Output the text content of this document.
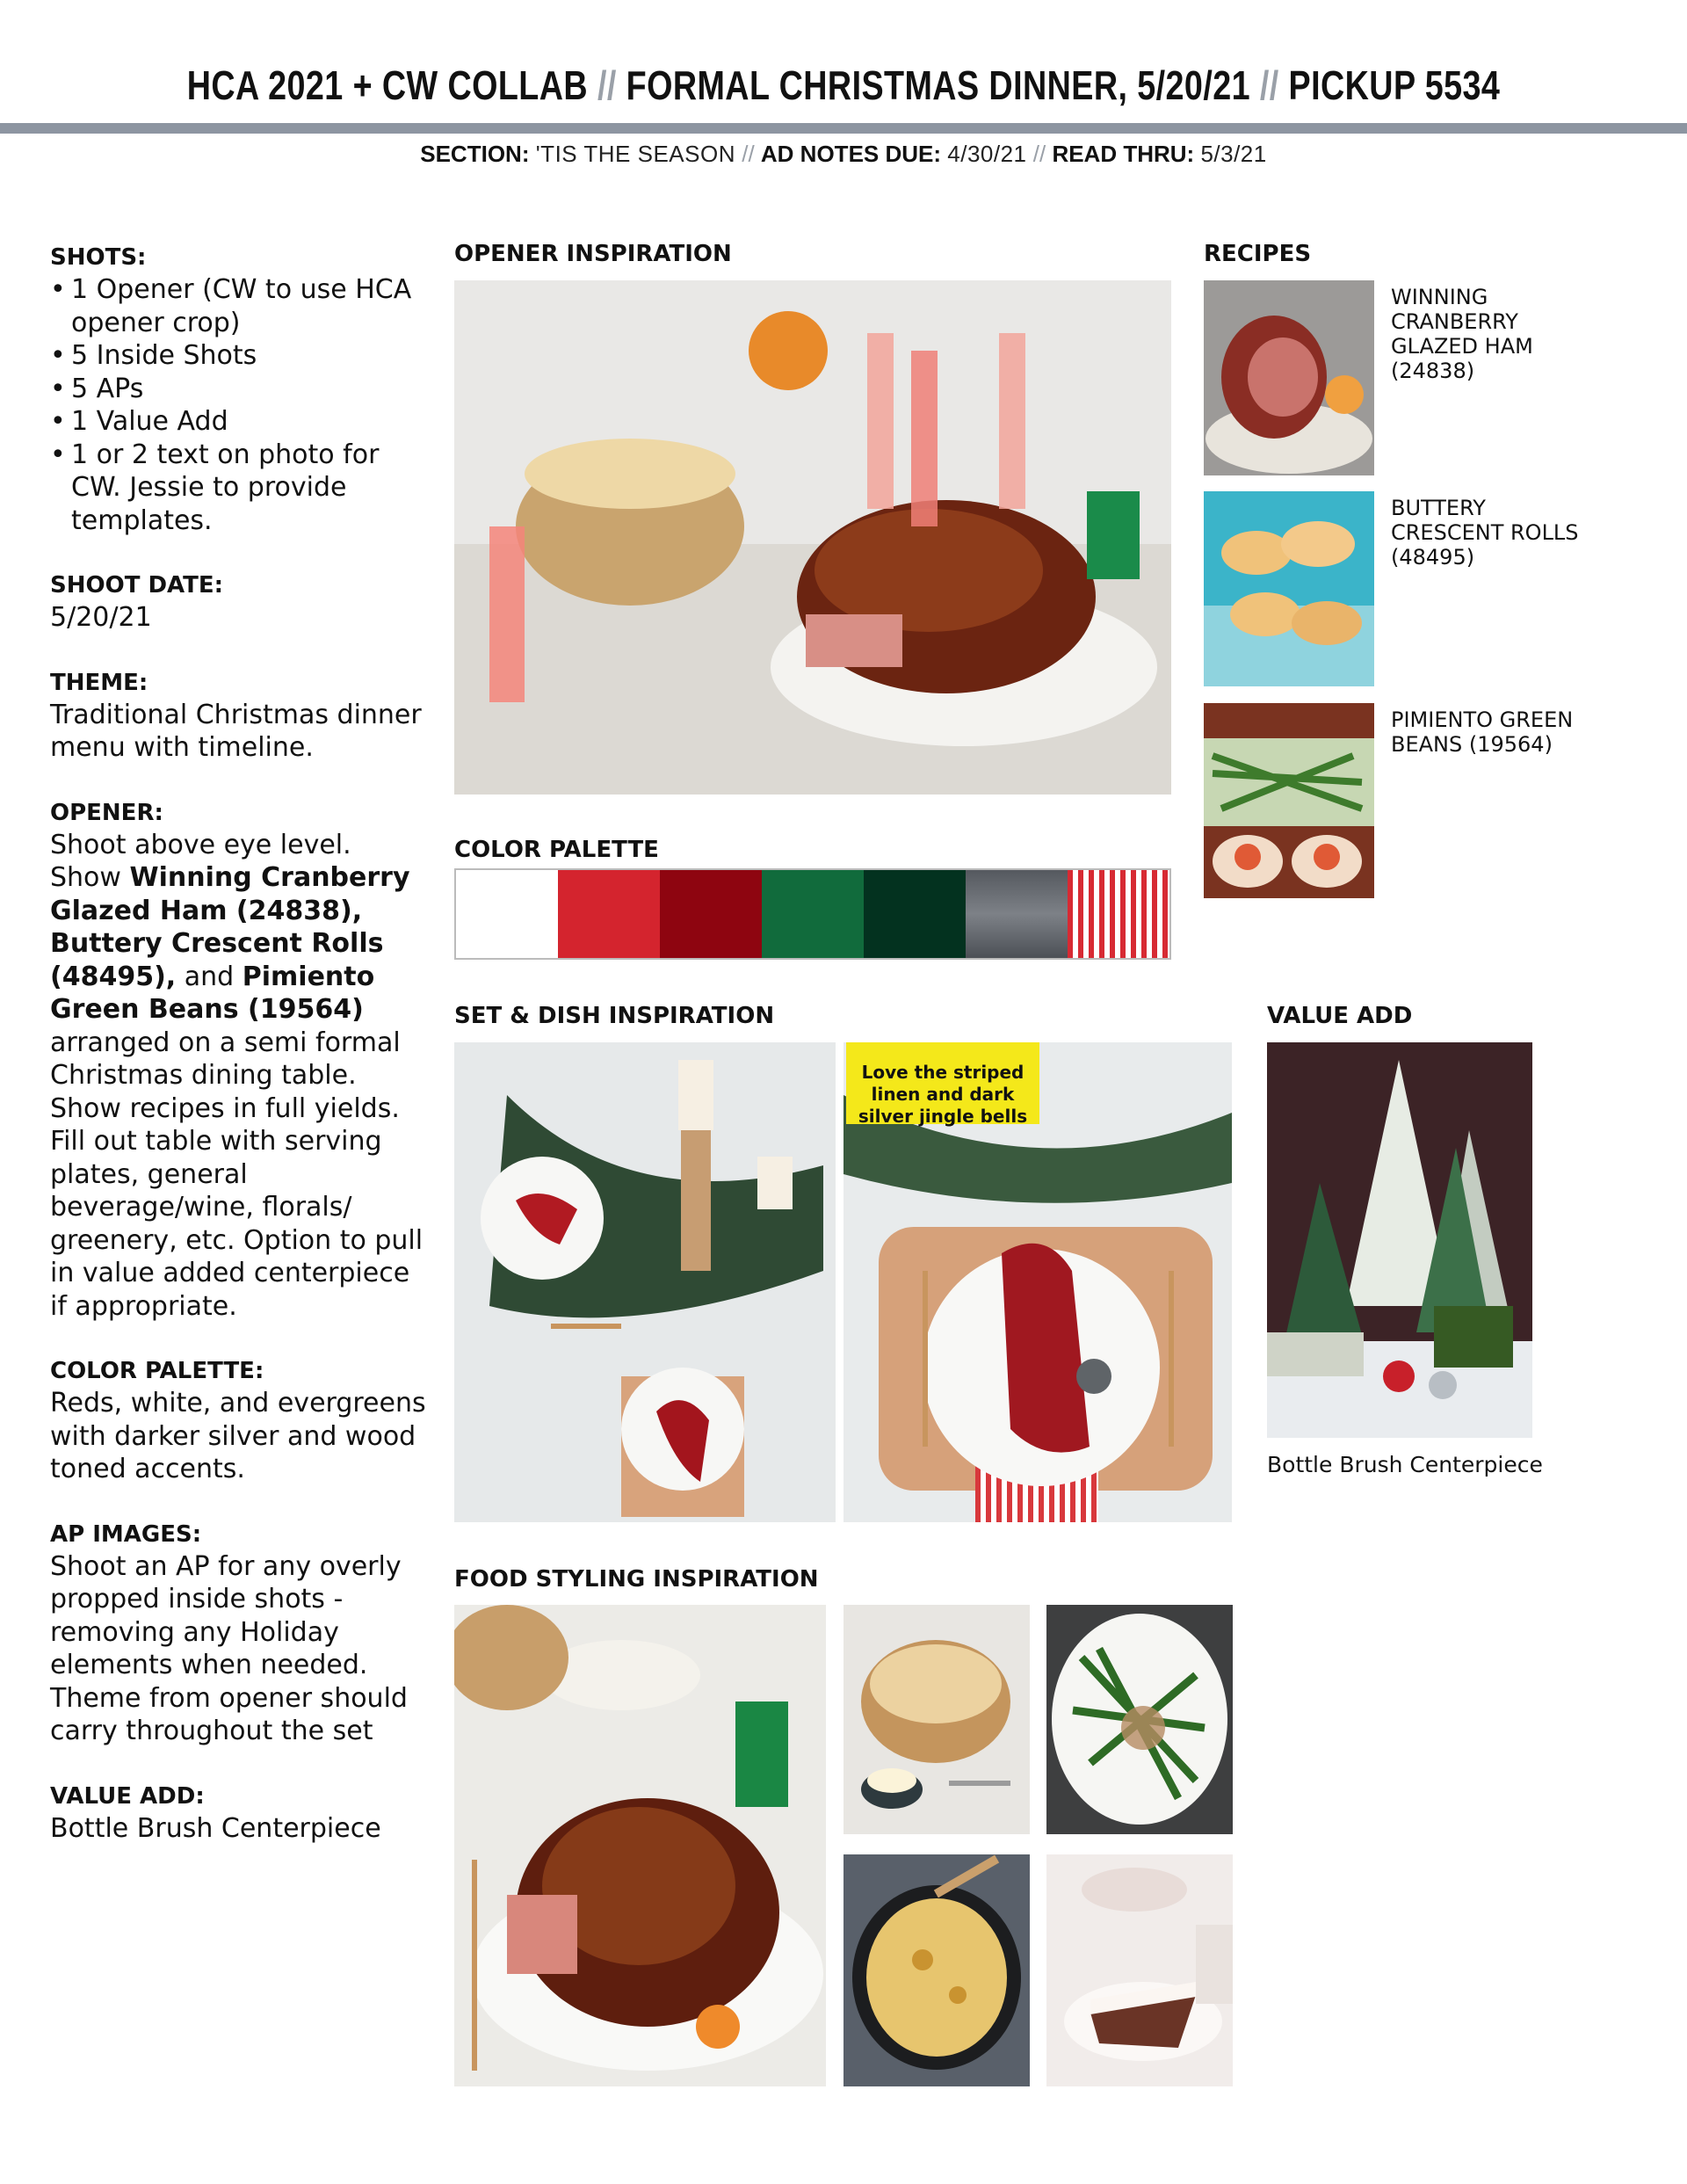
HCA 2021 + CW COLLAB // FORMAL CHRISTMAS DINNER, 5/20/21 // PICKUP 5534
SECTION: 'TIS THE SEASON // AD NOTES DUE: 4/30/21 // READ THRU: 5/3/21
SHOTS:
• 1 Opener (CW to use HCA opener crop)
• 5 Inside Shots
• 5 APs
• 1 Value Add
• 1 or 2 text on photo for CW. Jessie to provide templates.
SHOOT DATE:

5/20/21

THEME:

Traditional Christmas dinner menu with timeline.

OPENER:

Shoot above eye level. Show Winning Cranberry Glazed Ham (24838), Buttery Crescent Rolls (48495), and Pimiento Green Beans (19564) arranged on a semi formal Christmas dining table. Show recipes in full yields. Fill out table with serving plates, general beverage/wine, florals/ greenery, etc. Option to pull in value added centerpiece if appropriate.

COLOR PALETTE:

Reds, white, and evergreens with darker silver and wood toned accents.

AP IMAGES:

Shoot an AP for any overly propped inside shots - removing any Holiday elements when needed. Theme from opener should carry throughout the set

VALUE ADD:

Bottle Brush Centerpiece

OPENER INSPIRATION
COLOR PALETTE
RECIPES
WINNING CRANBERRY GLAZED HAM (24838)
BUTTERY CRESCENT ROLLS (48495)
PIMIENTO GREEN BEANS (19564)
SET & DISH INSPIRATION
Love the striped linen and dark silver jingle bells
VALUE ADD
Bottle Brush Centerpiece
FOOD STYLING INSPIRATION
